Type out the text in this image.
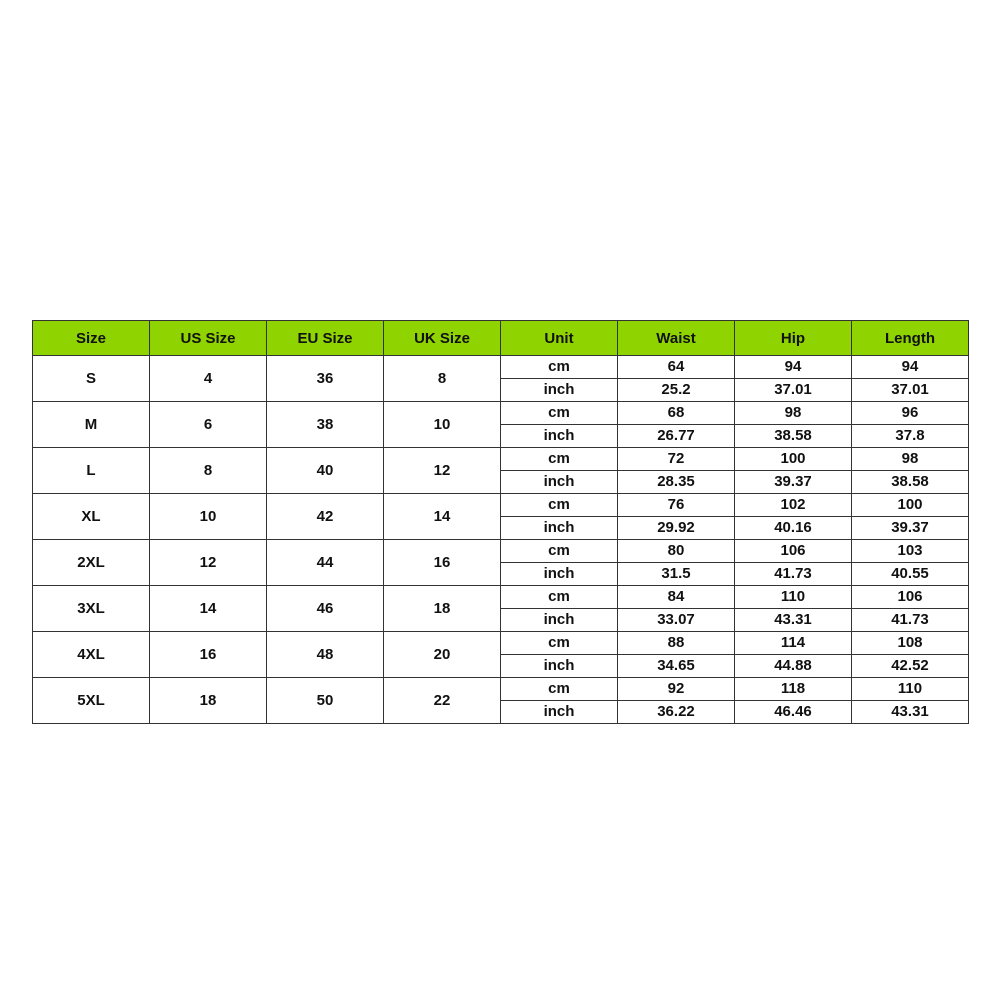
Size	US Size	EU Size	UK Size	Unit	Waist	Hip	Length
S	4	36	8	cm	64	94	94
				inch	25.2	37.01	37.01
M	6	38	10	cm	68	98	96
				inch	26.77	38.58	37.8
L	8	40	12	cm	72	100	98
				inch	28.35	39.37	38.58
XL	10	42	14	cm	76	102	100
				inch	29.92	40.16	39.37
2XL	12	44	16	cm	80	106	103
				inch	31.5	41.73	40.55
3XL	14	46	18	cm	84	110	106
				inch	33.07	43.31	41.73
4XL	16	48	20	cm	88	114	108
				inch	34.65	44.88	42.52
5XL	18	50	22	cm	92	118	110
				inch	36.22	46.46	43.31
